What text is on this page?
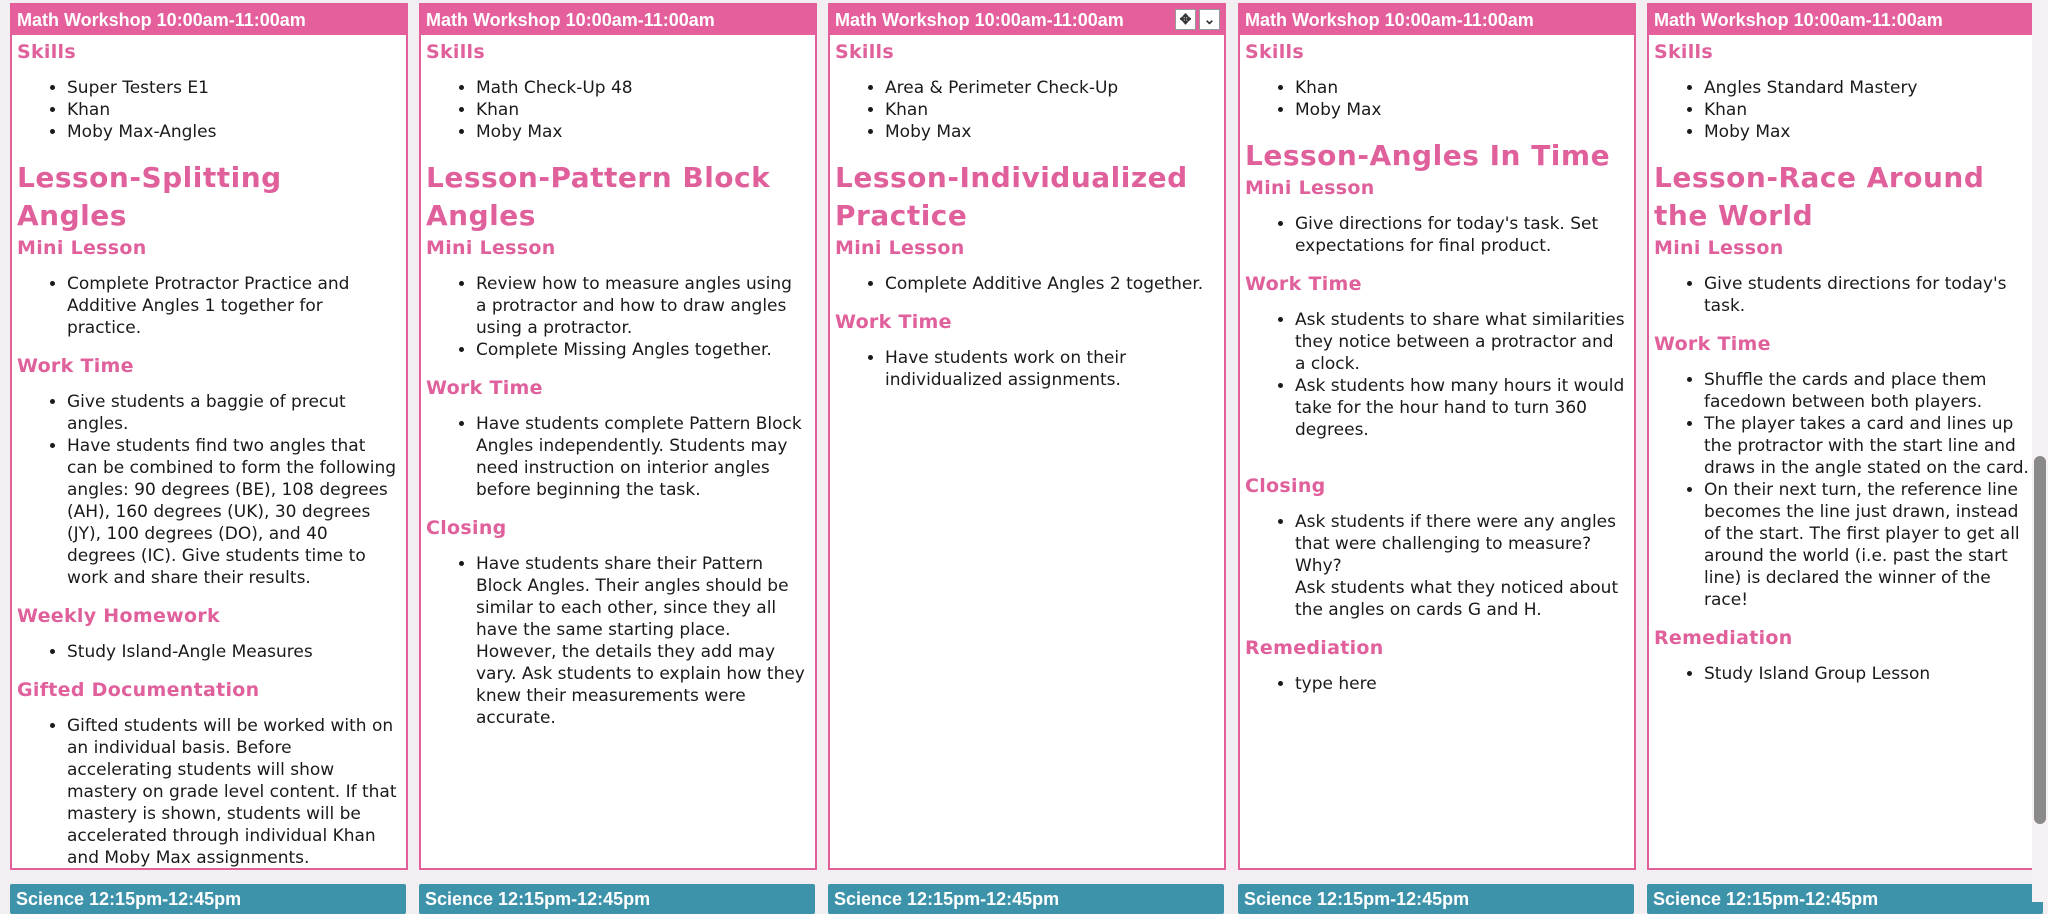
Math Workshop 10:00am-11:00am
Skills
• Super Testers E1
• Khan
• Moby Max-Angles
Lesson-Splitting Angles
Mini Lesson
• Complete Protractor Practice and Additive Angles 1 together for practice.
Work Time
• Give students a baggie of precut angles.
• Have students find two angles that can be combined to form the following angles: 90 degrees (BE), 108 degrees (AH), 160 degrees (UK), 30 degrees (JY), 100 degrees (DO), and 40 degrees (IC). Give students time to work and share their results.
Weekly Homework
• Study Island-Angle Measures
Gifted Documentation
• Gifted students will be worked with on an individual basis. Before accelerating students will show mastery on grade level content. If that mastery is shown, students will be accelerated through individual Khan and Moby Max assignments.
Math Workshop 10:00am-11:00am
Skills
• Math Check-Up 48
• Khan
• Moby Max
Lesson-Pattern Block Angles
Mini Lesson
• Review how to measure angles using a protractor and how to draw angles using a protractor.
• Complete Missing Angles together.
Work Time
• Have students complete Pattern Block Angles independently. Students may need instruction on interior angles before beginning the task.
Closing
• Have students share their Pattern Block Angles. Their angles should be similar to each other, since they all have the same starting place. However, the details they add may vary. Ask students to explain how they knew their measurements were accurate.
Math Workshop 10:00am-11:00am	✥ ⌄
Skills
• Area & Perimeter Check-Up
• Khan
• Moby Max
Lesson-Individualized Practice
Mini Lesson
• Complete Additive Angles 2 together.
Work Time
• Have students work on their individualized assignments.
Math Workshop 10:00am-11:00am
Skills
• Khan
• Moby Max
Lesson-Angles In Time
Mini Lesson
• Give directions for today's task. Set expectations for final product.
Work Time
• Ask students to share what similarities they notice between a protractor and a clock.
• Ask students how many hours it would take for the hour hand to turn 360 degrees.
Closing
• Ask students if there were any angles that were challenging to measure? Why?
Ask students what they noticed about the angles on cards G and H.
Remediation
• type here
Math Workshop 10:00am-11:00am
Skills
• Angles Standard Mastery
• Khan
• Moby Max
Lesson-Race Around the World
Mini Lesson
• Give students directions for today's task.
Work Time
• Shuffle the cards and place them facedown between both players.
• The player takes a card and lines up the protractor with the start line and draws in the angle stated on the card.
• On their next turn, the reference line becomes the line just drawn, instead of the start. The first player to get all around the world (i.e. past the start line) is declared the winner of the race!
Remediation
• Study Island Group Lesson
Science 12:15pm-12:45pm	Science 12:15pm-12:45pm	Science 12:15pm-12:45pm	Science 12:15pm-12:45pm	Science 12:15pm-12:45pm
